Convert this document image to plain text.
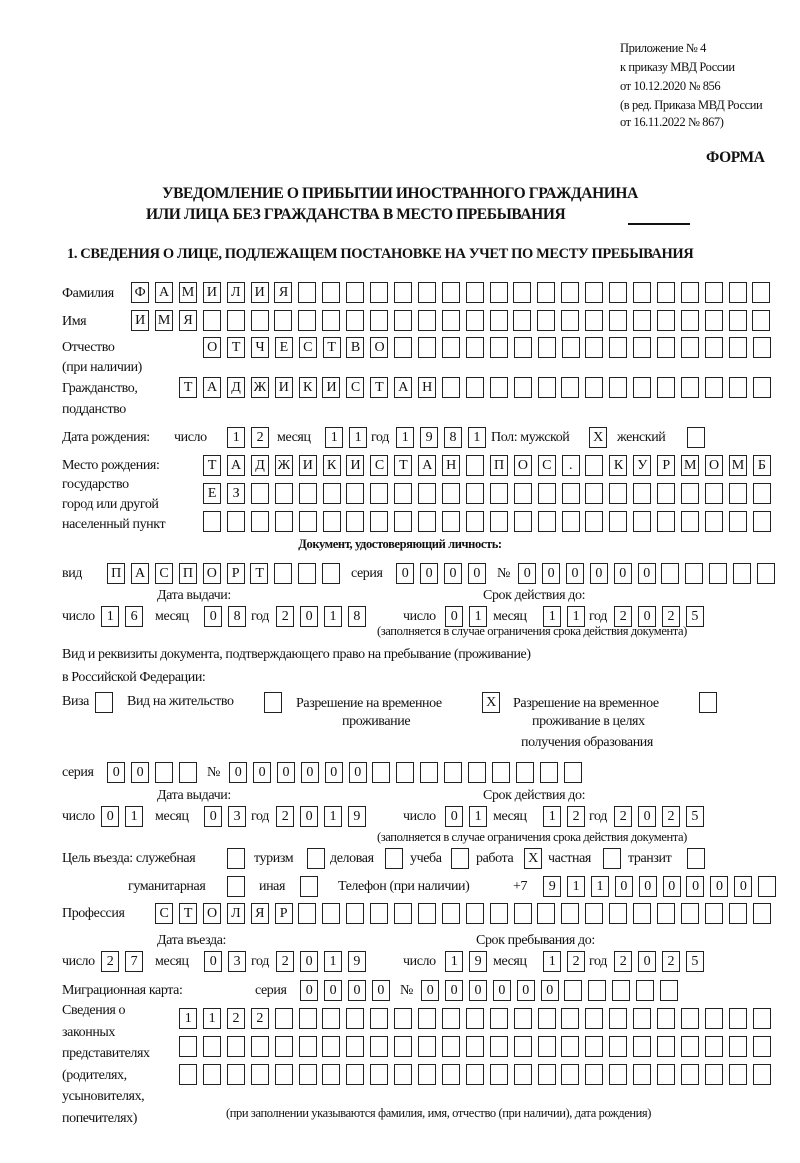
Приложение № 4
к приказу МВД России
от 10.12.2020 № 856
(в ред. Приказа МВД России
от 16.11.2022 № 867)
ФОРМА
УВЕДОМЛЕНИЕ О ПРИБЫТИИ ИНОСТРАННОГО ГРАЖДАНИНА
ИЛИ ЛИЦА БЕЗ ГРАЖДАНСТВА В МЕСТО ПРЕБЫВАНИЯ
1. СВЕДЕНИЯ О ЛИЦЕ, ПОДЛЕЖАЩЕМ ПОСТАНОВКЕ НА УЧЕТ ПО МЕСТУ ПРЕБЫВАНИЯ
Фамилия Ф А М И	Л	И	Я
Имя	И М Я
Отчество
(при наличии)
О	Т	Ч	Е	С	Т	В	О
Гражданство,
подданство
Т	А	Д Ж И	К	И	С	Т	А Н
Дата рождения: число	1	2 месяц	1	1 год 1	9	8	1 Пол: мужской X женский
Место рождения:
государство
город или другой
населенный пункт
Т	А	Д Ж И	К	И	С	Т	А Н	П О	С	.	К	У	Р	М О М	Б
Е	З
Документ, удостоверяющий личность:
вид П А	С	П О	Р	Т	серия	0	0	0	0	№ 0	0	0	0	0	0
Дата выдачи:	Срок действия до:
число 1	6	месяц	0	8 год 2	0	1	8	число	0	1 месяц	1	1 год 2	0	2	5
(заполняется в случае ограничения срока действия документа)
Вид и реквизиты документа, подтверждающего право на пребывание (проживание)
в Российской Федерации:
Виза	Вид на жительство	Разрешение на временное
проживание
X Разрешение на временное
проживание в целях
получения образования
серия	0	0	№	0	0	0	0	0	0
Дата выдачи:	Срок действия до:
число 0	1	месяц	0	3 год 2	0	1	9	число	0	1 месяц	1	2 год 2	0	2	5
(заполняется в случае ограничения срока действия документа)
Цель въезда: служебная	туризм	деловая	учеба работа X частная	транзит
гуманитарная	иная	Телефон (при наличии)	+7	9	1	1	0	0	0	0	0	0
Профессия	С	Т	О	Л	Я	Р
Дата въезда:	Срок пребывания до:
число 2	7	месяц	0	3 год 2	0	1	9	число	1	9 месяц	1	2 год 2	0	2	5
Миграционная карта:	серия	0	0	0	0	№ 0	0	0	0	0	0
Сведения о
законных
представителях
(родителях,
усыновителях,
попечителях)
1	1	2	2
(при заполнении указываются фамилия, имя, отчество (при наличии), дата рождения)
